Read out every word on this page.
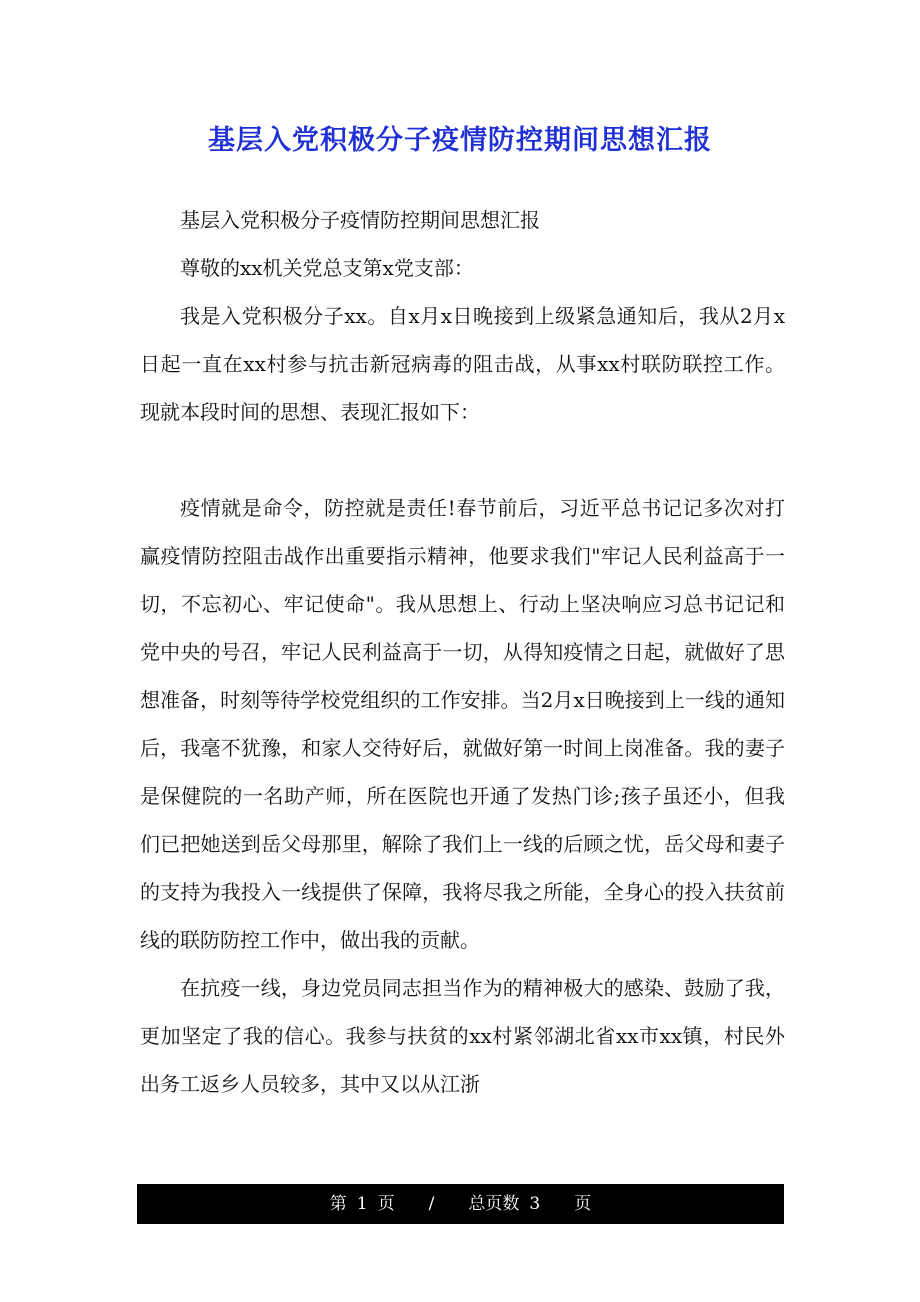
基层入党积极分子疫情防控期间思想汇报

基层入党积极分子疫情防控期间思想汇报

尊敬的xx机关党总支第x党支部：

我是入党积极分子xx。自x月x日晚接到上级紧急通知后，我从2月x日起一直在xx村参与抗击新冠病毒的阻击战，从事xx村联防联控工作。现就本段时间的思想、表现汇报如下：

疫情就是命令，防控就是责任!春节前后，习近平总书记记多次对打赢疫情防控阻击战作出重要指示精神，他要求我们"牢记人民利益高于一切，不忘初心、牢记使命"。我从思想上、行动上坚决响应习总书记记和党中央的号召，牢记人民利益高于一切，从得知疫情之日起，就做好了思想准备，时刻等待学校党组织的工作安排。当2月x日晚接到上一线的通知后，我毫不犹豫，和家人交待好后，就做好第一时间上岗准备。我的妻子是保健院的一名助产师，所在医院也开通了发热门诊;孩子虽还小，但我们已把她送到岳父母那里，解除了我们上一线的后顾之忧，岳父母和妻子的支持为我投入一线提供了保障，我将尽我之所能，全身心的投入扶贫前线的联防防控工作中，做出我的贡献。

在抗疫一线，身边党员同志担当作为的精神极大的感染、鼓励了我，更加坚定了我的信心。我参与扶贫的xx村紧邻湖北省xx市xx镇，村民外出务工返乡人员较多，其中又以从江浙

第 1 页 / 总页数 3 页
